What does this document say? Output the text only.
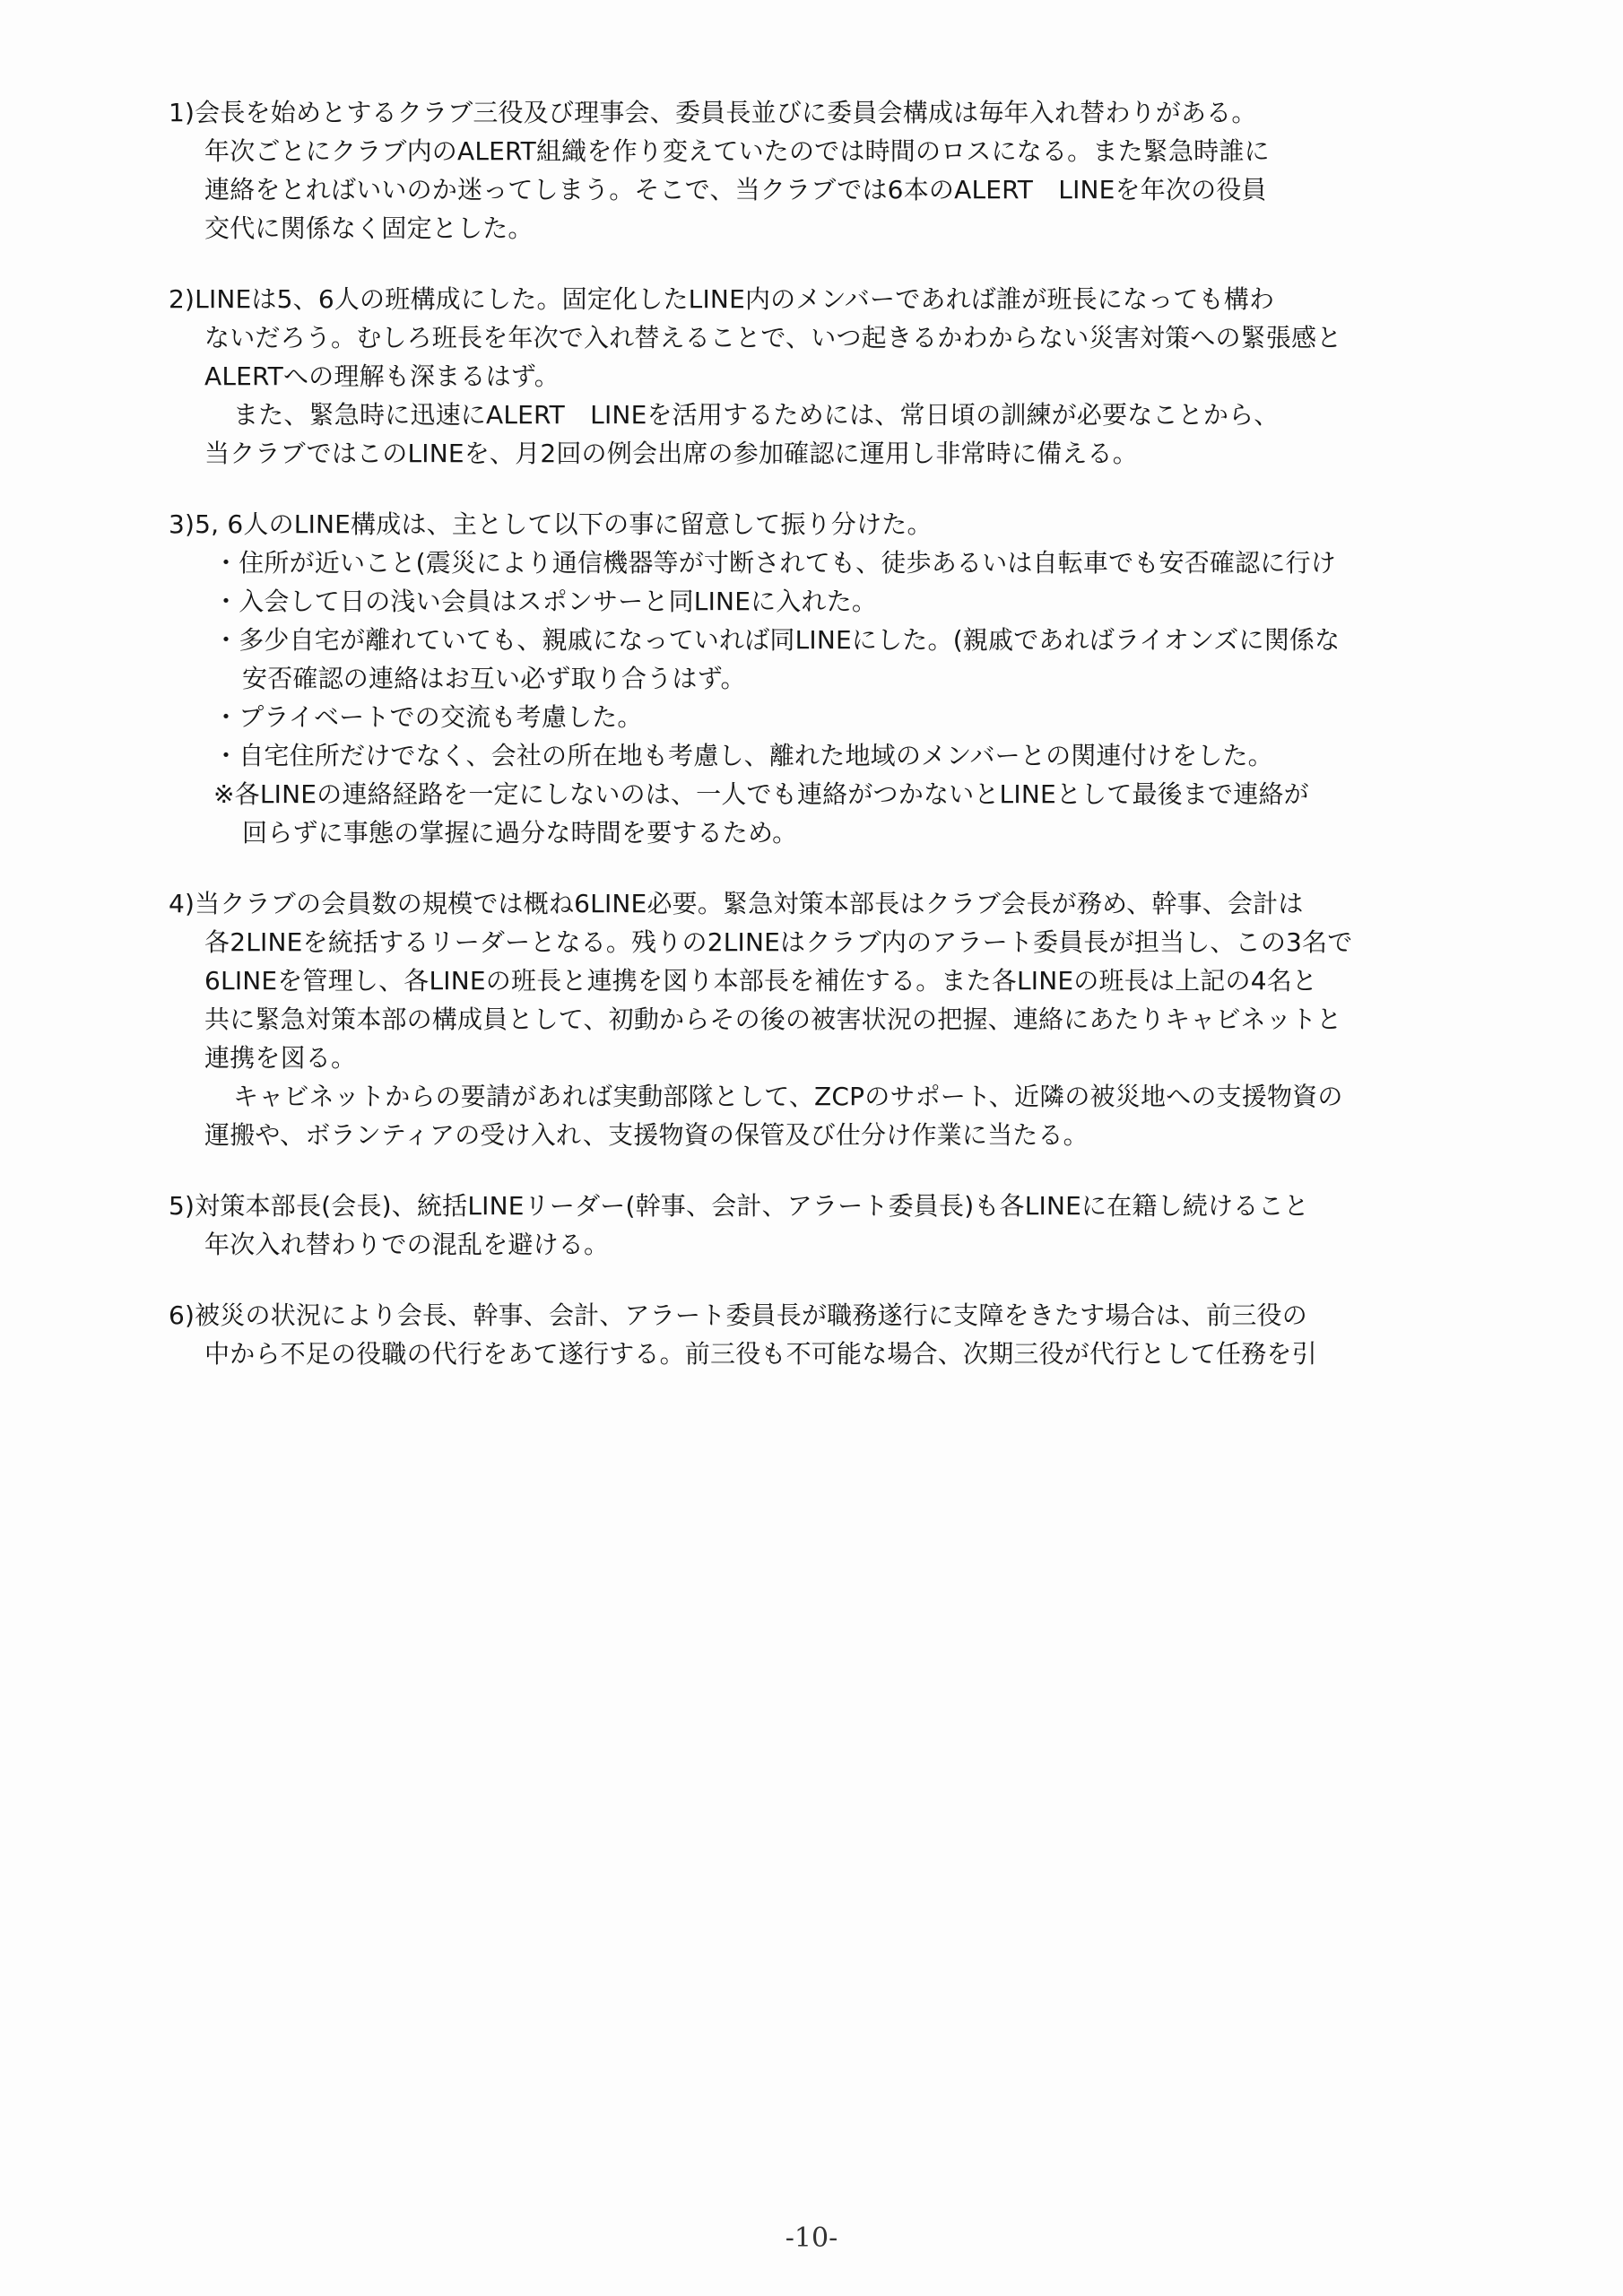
1)会長を始めとするクラブ三役及び理事会、委員長並びに委員会構成は毎年入れ替わりがある。
年次ごとにクラブ内のALERT組織を作り変えていたのでは時間のロスになる。また緊急時誰に
連絡をとればいいのか迷ってしまう。そこで、当クラブでは6本のALERT　LINEを年次の役員
交代に関係なく固定とした。
2)LINEは5、6人の班構成にした。固定化したLINE内のメンバーであれば誰が班長になっても構わ
ないだろう。むしろ班長を年次で入れ替えることで、いつ起きるかわからない災害対策への緊張感と
ALERTへの理解も深まるはず。
また、緊急時に迅速にALERT　LINEを活用するためには、常日頃の訓練が必要なことから、
当クラブではこのLINEを、月2回の例会出席の参加確認に運用し非常時に備える。
3)5, 6人のLINE構成は、主として以下の事に留意して振り分けた。
・住所が近いこと(震災により通信機器等が寸断されても、徒歩あるいは自転車でも安否確認に行け
・入会して日の浅い会員はスポンサーと同LINEに入れた。
・多少自宅が離れていても、親戚になっていれば同LINEにした。(親戚であればライオンズに関係な
安否確認の連絡はお互い必ず取り合うはず。
・プライベートでの交流も考慮した。
・自宅住所だけでなく、会社の所在地も考慮し、離れた地域のメンバーとの関連付けをした。
※各LINEの連絡経路を一定にしないのは、一人でも連絡がつかないとLINEとして最後まで連絡が
回らずに事態の掌握に過分な時間を要するため。
4)当クラブの会員数の規模では概ね6LINE必要。緊急対策本部長はクラブ会長が務め、幹事、会計は
各2LINEを統括するリーダーとなる。残りの2LINEはクラブ内のアラート委員長が担当し、この3名で
6LINEを管理し、各LINEの班長と連携を図り本部長を補佐する。また各LINEの班長は上記の4名と
共に緊急対策本部の構成員として、初動からその後の被害状況の把握、連絡にあたりキャビネットと
連携を図る。
キャビネットからの要請があれば実動部隊として、ZCPのサポート、近隣の被災地への支援物資の
運搬や、ボランティアの受け入れ、支援物資の保管及び仕分け作業に当たる。
5)対策本部長(会長)、統括LINEリーダー(幹事、会計、アラート委員長)も各LINEに在籍し続けること
年次入れ替わりでの混乱を避ける。
6)被災の状況により会長、幹事、会計、アラート委員長が職務遂行に支障をきたす場合は、前三役の
中から不足の役職の代行をあて遂行する。前三役も不可能な場合、次期三役が代行として任務を引
-10-
